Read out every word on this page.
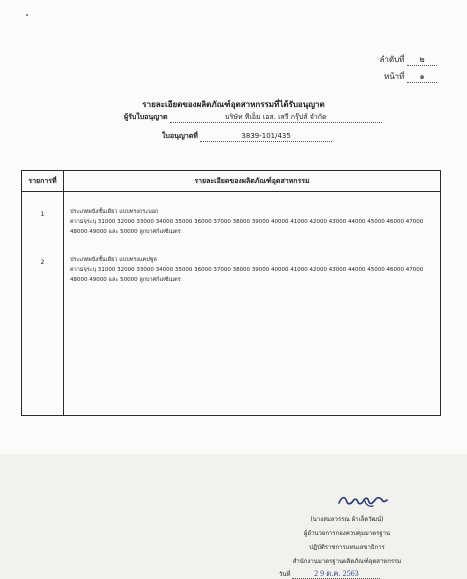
ลำดับที่ ๒
หน้าที่ ๑
รายละเอียดของผลิตภัณฑ์อุตสาหกรรมที่ได้รับอนุญาต
ผู้รับใบอนุญาต	บริษัท ทีเอ็ม เอส. เสรี กรุ๊ปส์ จำกัด
ใบอนุญาตที่	3839-101/435
รายการที่	รายละเอียดของผลิตภัณฑ์อุตสาหกรรม
1	ประเภทผนังชั้นเดียว แบบทรงกระบอก
ความจุระบุ 31000 32000 33000 34000 35000 36000 37000 38000 39000 40000 41000 42000 43000 44000 45000 46000 47000 48000 49000 และ 50000 ลูกบาศก์เดซิเมตร
2	ประเภทผนังชั้นเดียว แบบทรงแคปซูล
ความจุระบุ 31000 32000 33000 34000 35000 36000 37000 38000 39000 40000 41000 42000 43000 44000 45000 46000 47000 48000 49000 และ 50000 ลูกบาศก์เดซิเมตร
(นางสมลวรรณ ผ้าเล็ดวัฒน์)
ผู้อำนวยการกองควบคุมมาตรฐาน
ปฏิบัติราชการแทนเลขาธิการ
สำนักงานมาตรฐานผลิตภัณฑ์อุตสาหกรรม
วันที่	2 9 ต.ค. 2563
